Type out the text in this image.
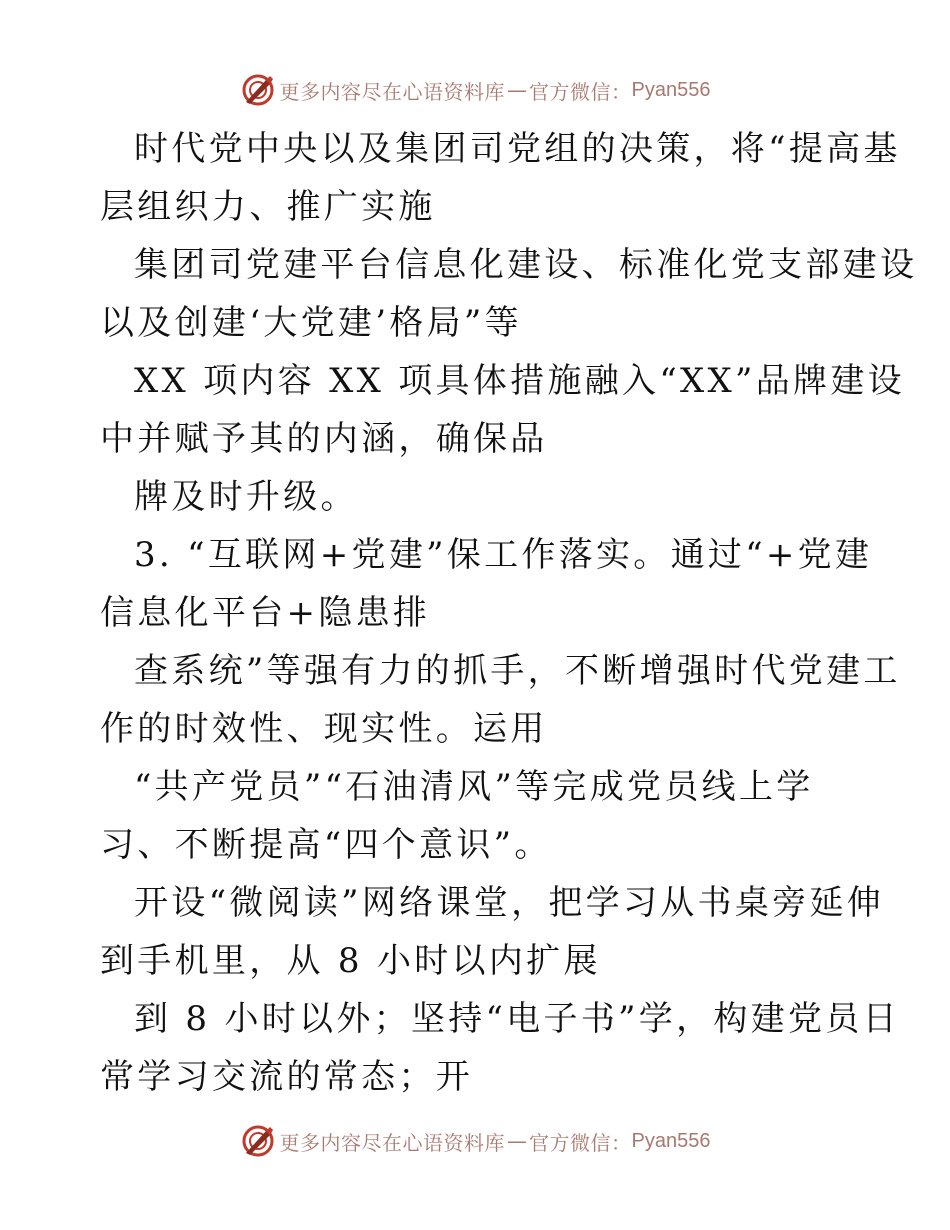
更多内容尽在心语资料库 — 官方微信： Pyan556
时代党中央以及集团司党组的决策，将“提高基
层组织力、推广实施
集团司党建平台信息化建设、标准化党支部建设
以及创建‘大党建’格局”等
XX 项内容 XX 项具体措施融入“XX”品牌建设
中并赋予其的内涵，确保品
牌及时升级。
3. “互联网+党建”保工作落实。通过“+党建
信息化平台+隐患排
查系统”等强有力的抓手，不断增强时代党建工
作的时效性、现实性。运用
“共产党员”“石油清风”等完成党员线上学
习、不断提高“四个意识”。
开设“微阅读”网络课堂，把学习从书桌旁延伸
到手机里，从 8 小时以内扩展
到 8 小时以外；坚持“电子书”学，构建党员日
常学习交流的常态；开
更多内容尽在心语资料库 — 官方微信： Pyan556
